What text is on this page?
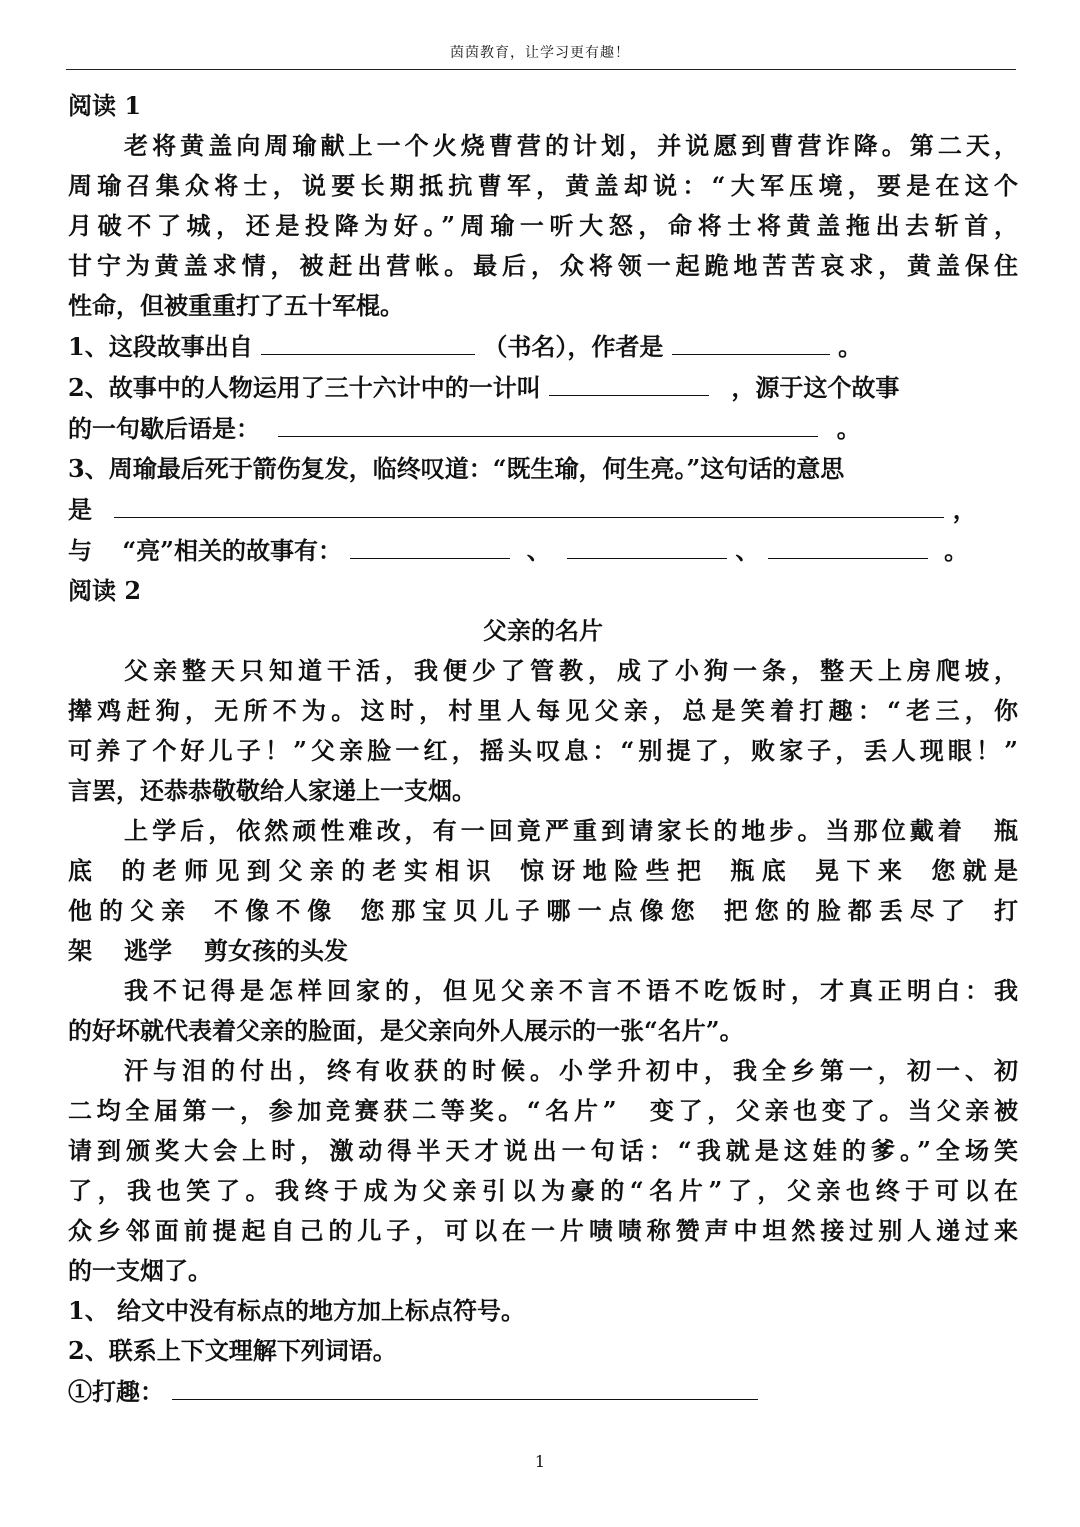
茵茵教育，让学习更有趣！

阅读 1

老将黄盖向周瑜献上一个火烧曹营的计划，并说愿到曹营诈降。第二天，

周瑜召集众将士，说要长期抵抗曹军，黄盖却说：“大军压境，要是在这个

月破不了城，还是投降为好。”周瑜一听大怒，命将士将黄盖拖出去斩首，

甘宁为黄盖求情，被赶出营帐。最后，众将领一起跪地苦苦哀求，黄盖保住

性命，但被重重打了五十军棍。

1、这段故事出自	（书名），作者是	。

2、故事中的人物运用了三十六计中的一计叫	，源于这个故事

的一句歇后语是：	。

3、周瑜最后死于箭伤复发，临终叹道：“既生瑜，何生亮。”这句话的意思

是	，

与 “亮”相关的故事有：	、	、	。

阅读 2

父亲的名片

父亲整天只知道干活，我便少了管教，成了小狗一条，整天上房爬坡，

撵鸡赶狗，无所不为。这时，村里人每见父亲，总是笑着打趣：“老三，你

可养了个好儿子！”父亲脸一红，摇头叹息：“别提了，败家子，丢人现眼！”

言罢，还恭恭敬敬给人家递上一支烟。

上学后，依然顽性难改，有一回竟严重到请家长的地步。当那位戴着　瓶

底 的老师见到父亲的老实相识 惊讶地险些把 瓶底 晃下来 您就是

他的父亲 不像不像 您那宝贝儿子哪一点像您 把您的脸都丢尽了 打

架 逃学 剪女孩的头发

我不记得是怎样回家的，但见父亲不言不语不吃饭时，才真正明白：我

的好坏就代表着父亲的脸面，是父亲向外人展示的一张“名片”。

汗与泪的付出，终有收获的时候。小学升初中，我全乡第一，初一、初

二均全届第一，参加竞赛获二等奖。“名片”　变了，父亲也变了。当父亲被

请到颁奖大会上时，激动得半天才说出一句话：“我就是这娃的爹。”全场笑

了，我也笑了。我终于成为父亲引以为豪的“名片”了，父亲也终于可以在

众乡邻面前提起自己的儿子，可以在一片啧啧称赞声中坦然接过别人递过来

的一支烟了。

1、 给文中没有标点的地方加上标点符号。

2、联系上下文理解下列词语。

①打趣：

1
